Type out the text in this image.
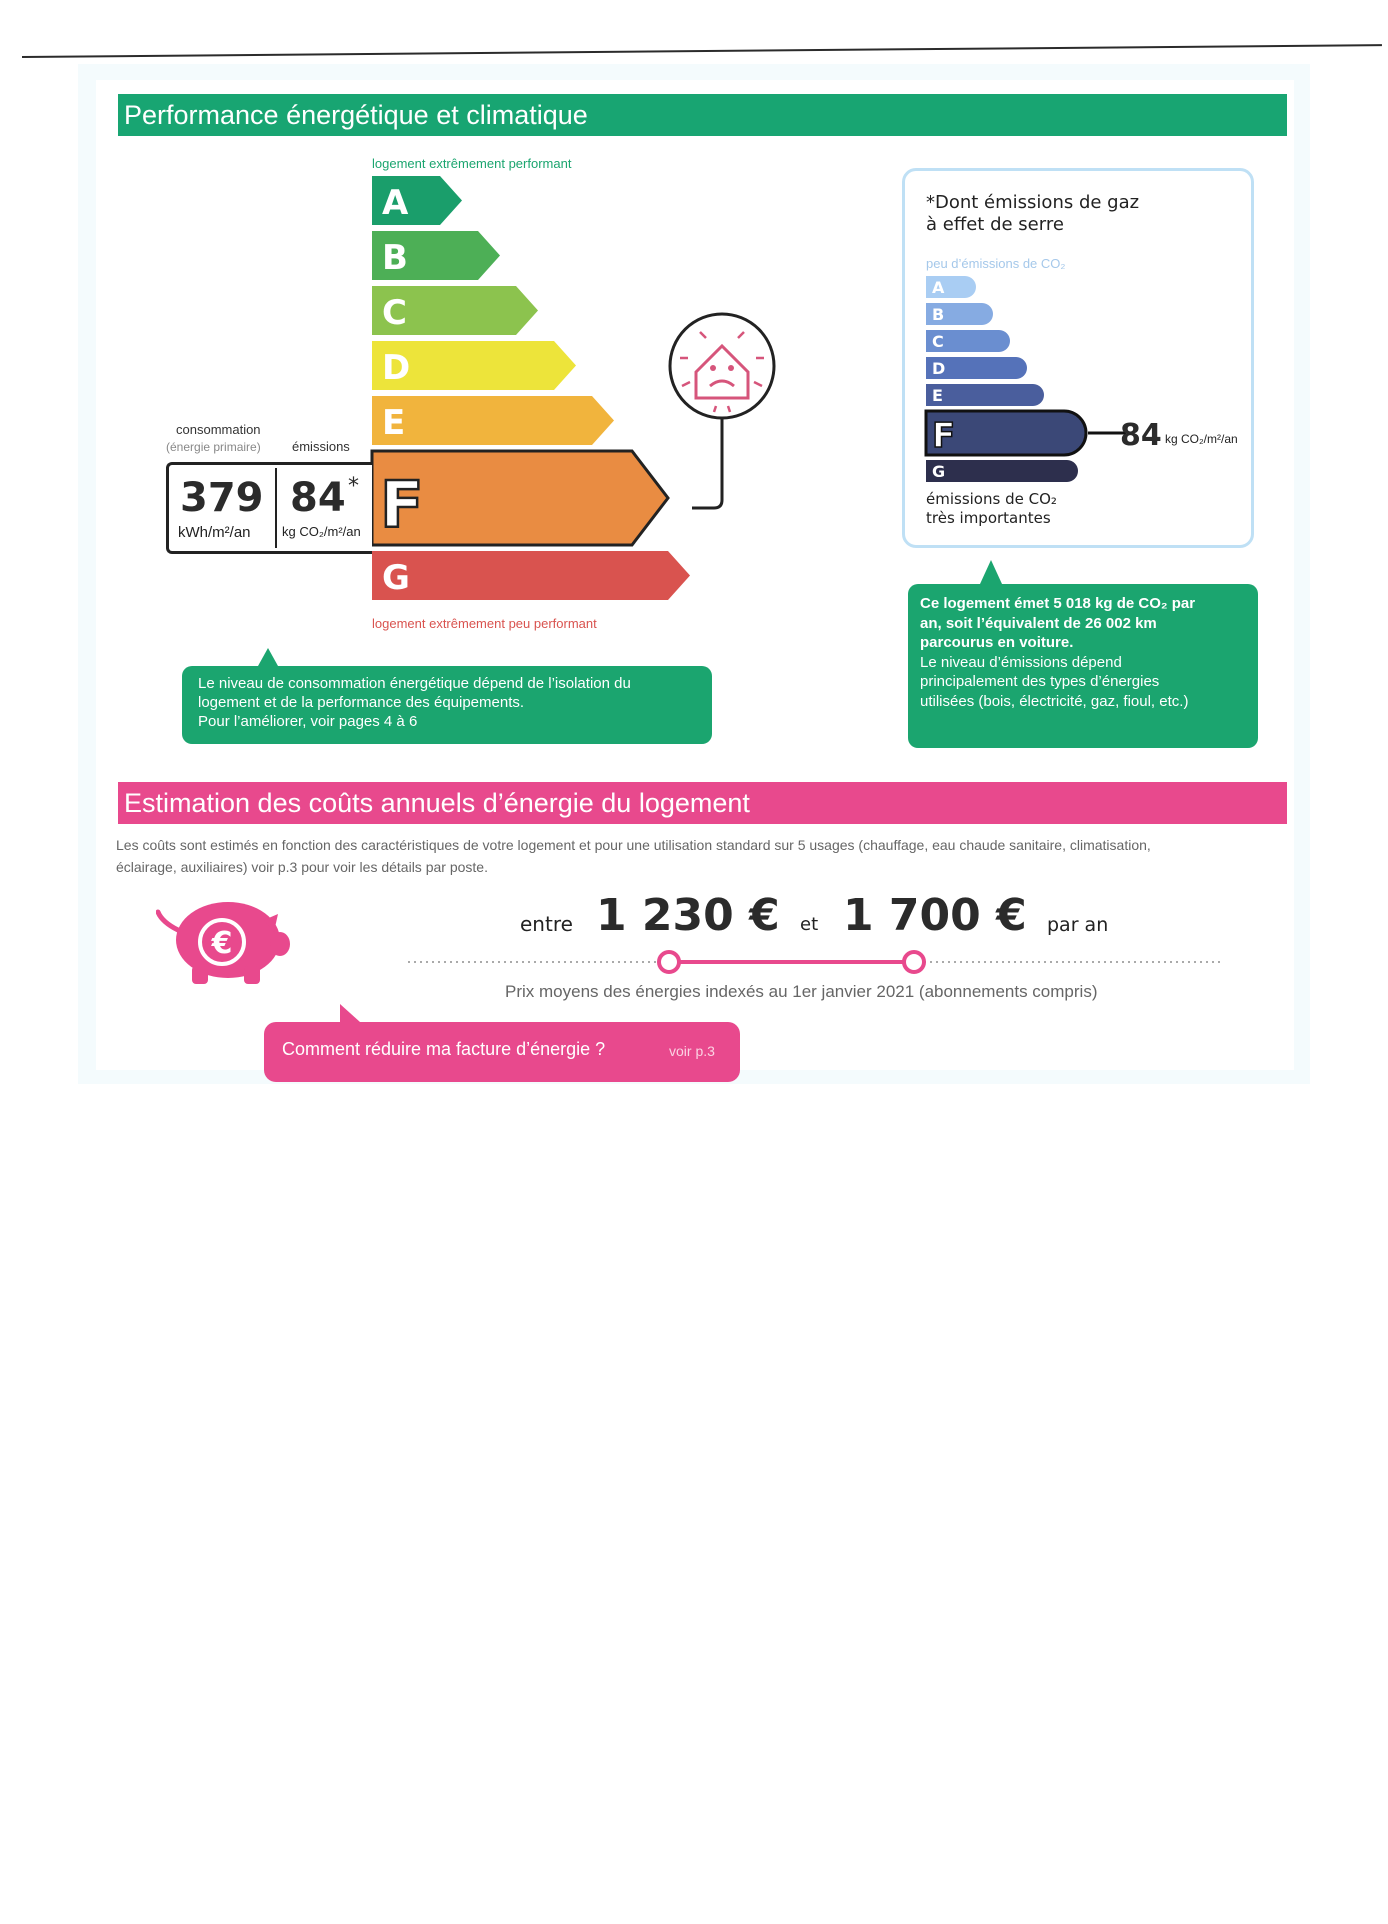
Performance énergétique et climatique
logement extrêmement performant
logement extrêmement peu performant
A
B
C
D
E
F
G
consommation
(énergie primaire) émissions
379
kWh/m²/an
84 *
kg CO₂/m²/an
Le niveau de consommation énergétique dépend de l’isolation du
logement et de la performance des équipements.
Pour l’améliorer, voir pages 4 à 6
*Dont émissions de gaz
à effet de serre
peu d’émissions de CO₂
A
B
C
D
E
F
G
84 kg CO₂/m²/an
émissions de CO₂
très importantes
Ce logement émet 5 018 kg de CO₂ par
an, soit l’équivalent de 26 002 km
parcourus en voiture.
Le niveau d’émissions dépend
principalement des types d’énergies
utilisées (bois, électricité, gaz, fioul, etc.)
Estimation des coûts annuels d’énergie du logement
Les coûts sont estimés en fonction des caractéristiques de votre logement et pour une utilisation standard sur 5 usages (chauffage, eau chaude sanitaire, climatisation,
éclairage, auxiliaires) voir p.3 pour voir les détails par poste.
€
entre 1 230 € et 1 700 € par an
Prix moyens des énergies indexés au 1er janvier 2021 (abonnements compris)
Comment réduire ma facture d’énergie ?	voir p.3
